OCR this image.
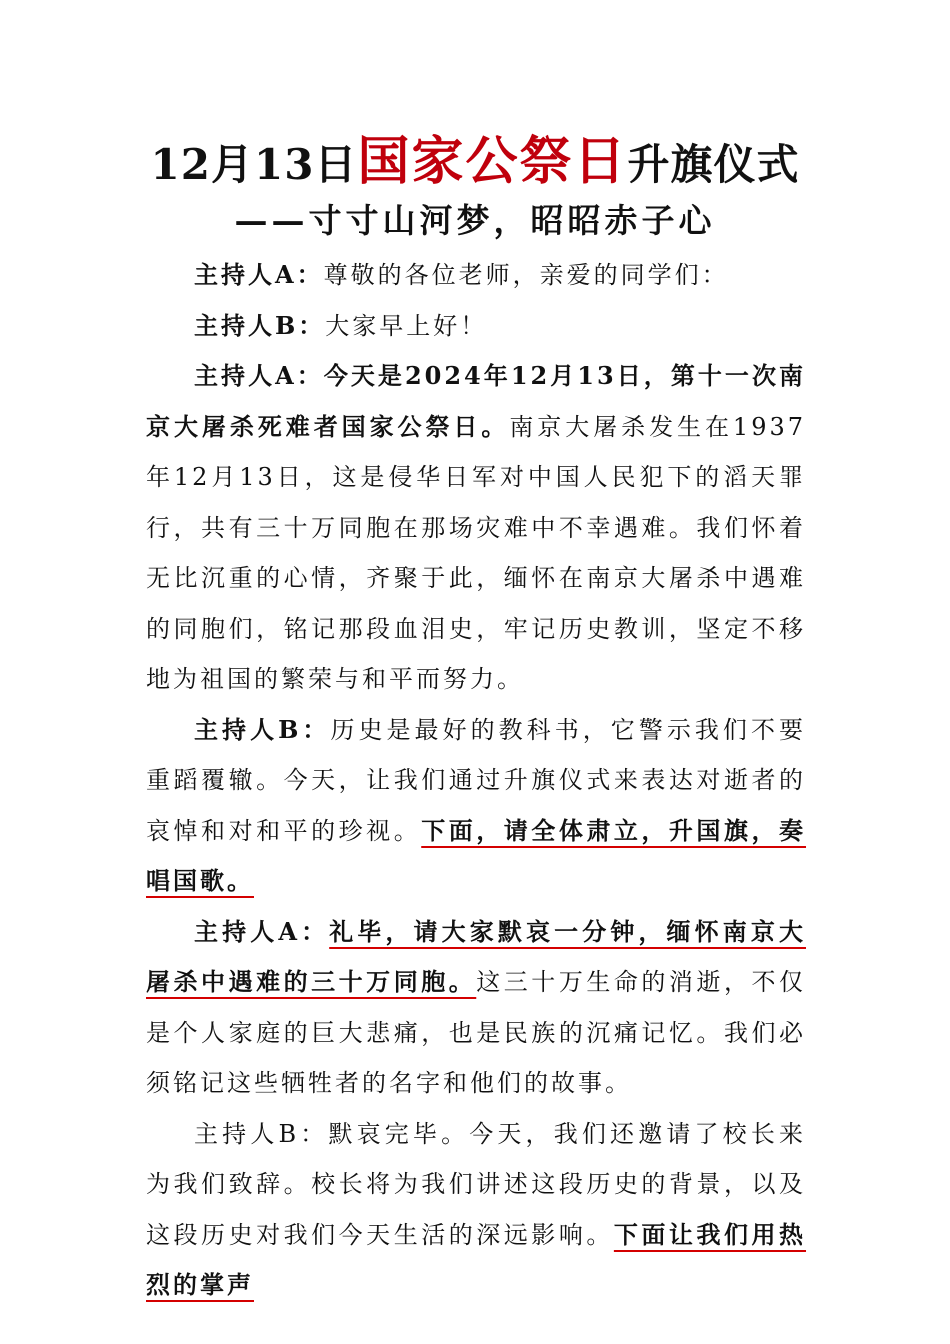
12月13日国家公祭日升旗仪式
——寸寸山河梦，昭昭赤子心

主持人A：尊敬的各位老师，亲爱的同学们：

主持人B：大家早上好！

主持人A：今天是2024年12月13日，第十一次南京大屠杀死难者国家公祭日。南京大屠杀发生在1937年12月13日，这是侵华日军对中国人民犯下的滔天罪行，共有三十万同胞在那场灾难中不幸遇难。我们怀着无比沉重的心情，齐聚于此，缅怀在南京大屠杀中遇难的同胞们，铭记那段血泪史，牢记历史教训，坚定不移地为祖国的繁荣与和平而努力。

主持人B：历史是最好的教科书，它警示我们不要重蹈覆辙。今天，让我们通过升旗仪式来表达对逝者的哀悼和对和平的珍视。下面，请全体肃立，升国旗，奏唱国歌。

主持人A：礼毕，请大家默哀一分钟，缅怀南京大屠杀中遇难的三十万同胞。这三十万生命的消逝，不仅是个人家庭的巨大悲痛，也是民族的沉痛记忆。我们必须铭记这些牺牲者的名字和他们的故事。

主持人B：默哀完毕。今天，我们还邀请了校长来为我们致辞。校长将为我们讲述这段历史的背景，以及这段历史对我们今天生活的深远影响。下面让我们用热烈的掌声
